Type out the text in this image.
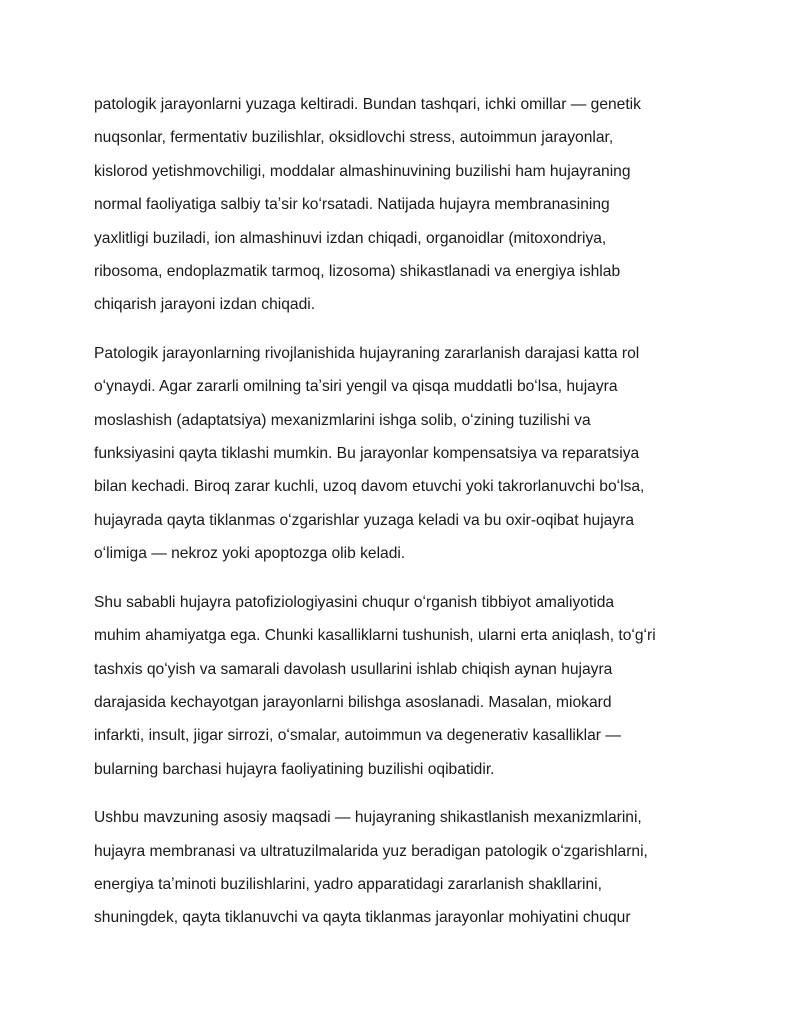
patologik jarayonlarni yuzaga keltiradi. Bundan tashqari, ichki omillar — genetik
nuqsonlar, fermentativ buzilishlar, oksidlovchi stress, autoimmun jarayonlar,
kislorod yetishmovchiligi, moddalar almashinuvining buzilishi ham hujayraning
normal faoliyatiga salbiy taʼsir koʻrsatadi. Natijada hujayra membranasining
yaxlitligi buziladi, ion almashinuvi izdan chiqadi, organoidlar (mitoxondriya,
ribosoma, endoplazmatik tarmoq, lizosoma) shikastlanadi va energiya ishlab
chiqarish jarayoni izdan chiqadi.

Patologik jarayonlarning rivojlanishida hujayraning zararlanish darajasi katta rol
oʻynaydi. Agar zararli omilning taʼsiri yengil va qisqa muddatli boʻlsa, hujayra
moslashish (adaptatsiya) mexanizmlarini ishga solib, oʻzining tuzilishi va
funksiyasini qayta tiklashi mumkin. Bu jarayonlar kompensatsiya va reparatsiya
bilan kechadi. Biroq zarar kuchli, uzoq davom etuvchi yoki takrorlanuvchi boʻlsa,
hujayrada qayta tiklanmas oʻzgarishlar yuzaga keladi va bu oxir-oqibat hujayra
oʻlimiga — nekroz yoki apoptozga olib keladi.

Shu sababli hujayra patofiziologiyasini chuqur oʻrganish tibbiyot amaliyotida
muhim ahamiyatga ega. Chunki kasalliklarni tushunish, ularni erta aniqlash, toʻgʻri
tashxis qoʻyish va samarali davolash usullarini ishlab chiqish aynan hujayra
darajasida kechayotgan jarayonlarni bilishga asoslanadi. Masalan, miokard
infarkti, insult, jigar sirrozi, oʻsmalar, autoimmun va degenerativ kasalliklar —
bularning barchasi hujayra faoliyatining buzilishi oqibatidir.

Ushbu mavzuning asosiy maqsadi — hujayraning shikastlanish mexanizmlarini,
hujayra membranasi va ultratuzilmalarida yuz beradigan patologik oʻzgarishlarni,
energiya taʼminoti buzilishlarini, yadro apparatidagi zararlanish shakllarini,
shuningdek, qayta tiklanuvchi va qayta tiklanmas jarayonlar mohiyatini chuqur
